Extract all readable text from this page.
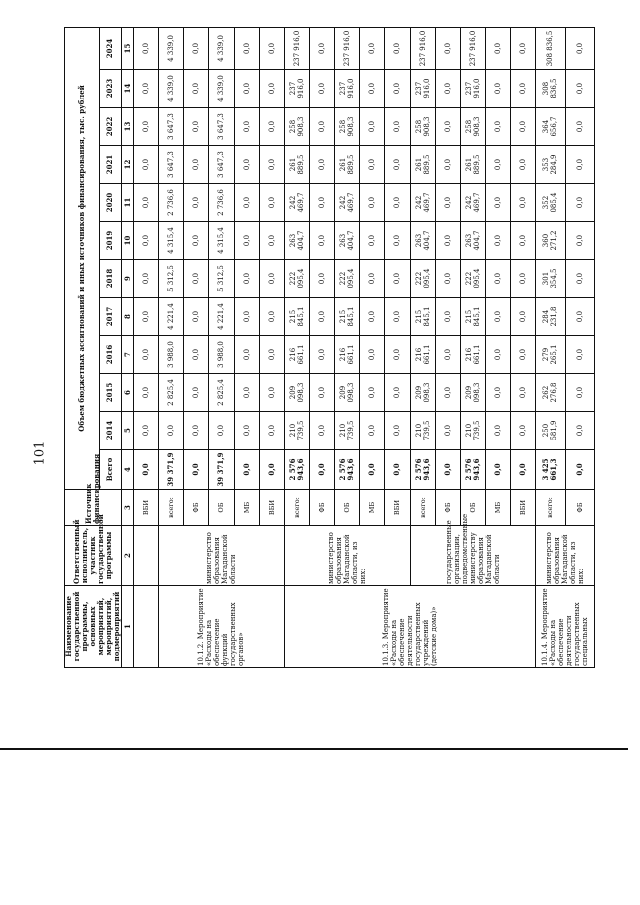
101
Наименование государственной программы, основных мероприятий, мероприятий, подмероприятий	Ответственный исполнитель, участник государственной программы	Источник финансирования	Объем бюджетных ассигнований и иных источников финансирования, тыс. рублей											
			Всего	2014	2015	2016	2017	2018	2019	2020	2021	2022	2023	2024
1	2	3	4	5	6	7	8	9	10	11	12	13	14	15
		ВБИ	0,0	0,0	0,0	0,0	0,0	0,0	0,0	0,0	0,0	0,0	0,0	0,0
10.1.2. Мероприятие «Расходы на обеспечение функций государственных органов»	министерство образования Магаданской области	всего:	39 371,9	0,0	2 825,4	3 988,0	4 221,4	5 312,5	4 315,4	2 736,6	3 647,3	3 647,3	4 339,0	4 339,0
		ФБ	0,0	0,0	0,0	0,0	0,0	0,0	0,0	0,0	0,0	0,0	0,0	0,0
		ОБ	39 371,9	0,0	2 825,4	3 988,0	4 221,4	5 312,5	4 315,4	2 736,6	3 647,3	3 647,3	4 339,0	4 339,0
		МБ	0,0	0,0	0,0	0,0	0,0	0,0	0,0	0,0	0,0	0,0	0,0	0,0
		ВБИ	0,0	0,0	0,0	0,0	0,0	0,0	0,0	0,0	0,0	0,0	0,0	0,0
10.1.3. Мероприятие «Расходы на обеспечение деятельности государственных учреждений (детские дома)»	министерство образования Магаданской области, из них:	всего:	2 576 943,6	210 739,5	209 098,3	216 661,1	215 845,1	222 095,4	263 404,7	242 469,7	261 889,5	258 908,3	237 916,0	237 916,0
		ФБ	0,0	0,0	0,0	0,0	0,0	0,0	0,0	0,0	0,0	0,0	0,0	0,0
		ОБ	2 576 943,6	210 739,5	209 098,3	216 661,1	215 845,1	222 095,4	263 404,7	242 469,7	261 889,5	258 908,3	237 916,0	237 916,0
		МБ	0,0	0,0	0,0	0,0	0,0	0,0	0,0	0,0	0,0	0,0	0,0	0,0
		ВБИ	0,0	0,0	0,0	0,0	0,0	0,0	0,0	0,0	0,0	0,0	0,0	0,0
	государственные организации, подведомственные министерству образования Магаданской области	всего:	2 576 943,6	210 739,5	209 098,3	216 661,1	215 845,1	222 095,4	263 404,7	242 469,7	261 889,5	258 908,3	237 916,0	237 916,0
		ФБ	0,0	0,0	0,0	0,0	0,0	0,0	0,0	0,0	0,0	0,0	0,0	0,0
		ОБ	2 576 943,6	210 739,5	209 098,3	216 661,1	215 845,1	222 095,4	263 404,7	242 469,7	261 889,5	258 908,3	237 916,0	237 916,0
		МБ	0,0	0,0	0,0	0,0	0,0	0,0	0,0	0,0	0,0	0,0	0,0	0,0
		ВБИ	0,0	0,0	0,0	0,0	0,0	0,0	0,0	0,0	0,0	0,0	0,0	0,0
10.1.4. Мероприятие «Расходы на обеспечение деятельности государственных специальных	министерство образования Магаданской области, из них:	всего:	3 425 661,3	250 581,9	262 276,8	279 265,1	284 231,8	301 354,5	360 271,2	352 085,4	353 284,9	364 656,7	308 836,5	308 836,5
		ФБ	0,0	0,0	0,0	0,0	0,0	0,0	0,0	0,0	0,0	0,0	0,0	0,0
